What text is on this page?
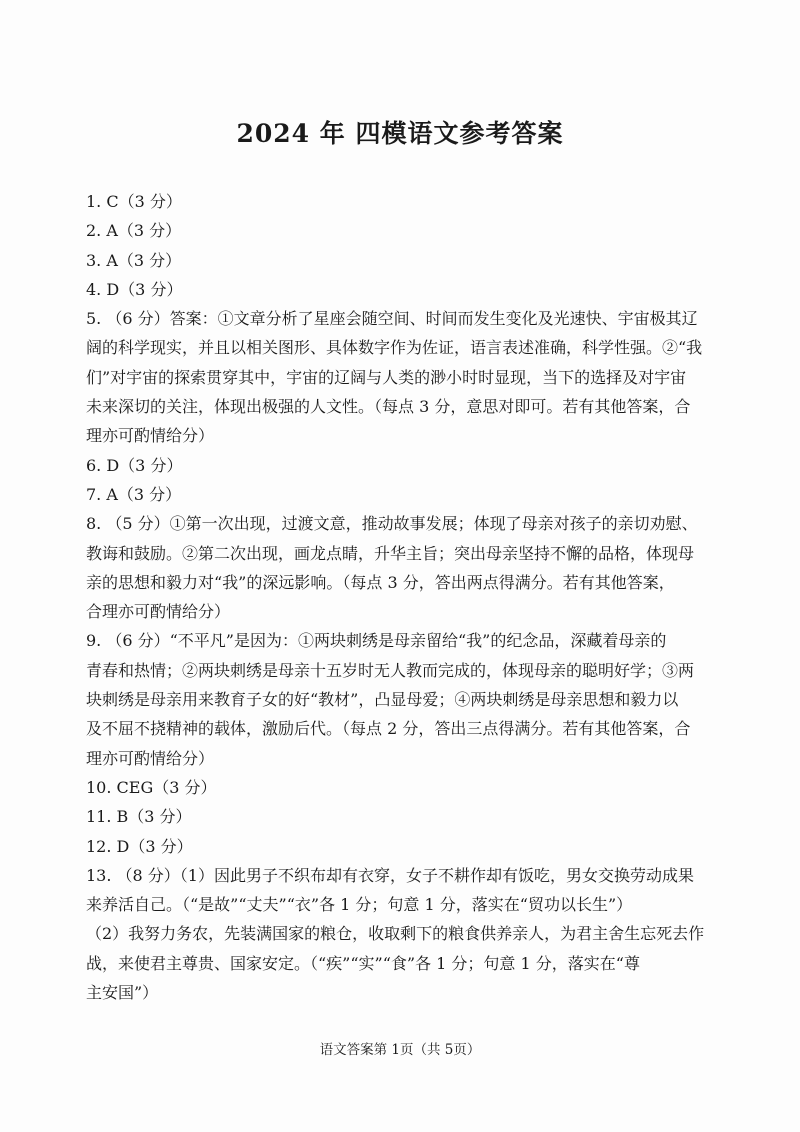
2024 年 四模语文参考答案
1. C（3 分）
2. A（3 分）
3. A（3 分）
4. D（3 分）
5. （6 分）答案：①文章分析了星座会随空间、时间而发生变化及光速快、宇宙极其辽
阔的科学现实，并且以相关图形、具体数字作为佐证，语言表述准确，科学性强。②“我
们”对宇宙的探索贯穿其中，宇宙的辽阔与人类的渺小时时显现，当下的选择及对宇宙
未来深切的关注，体现出极强的人文性。（每点 3 分，意思对即可。若有其他答案，合
理亦可酌情给分）
6. D（3 分）
7. A（3 分）
8. （5 分）①第一次出现，过渡文意，推动故事发展；体现了母亲对孩子的亲切劝慰、
教诲和鼓励。②第二次出现，画龙点睛，升华主旨；突出母亲坚持不懈的品格，体现母
亲的思想和毅力对“我”的深远影响。（每点 3 分，答出两点得满分。若有其他答案，
合理亦可酌情给分）
9. （6 分）“不平凡”是因为：①两块刺绣是母亲留给“我”的纪念品，深藏着母亲的
青春和热情；②两块刺绣是母亲十五岁时无人教而完成的，体现母亲的聪明好学；③两
块刺绣是母亲用来教育子女的好“教材”，凸显母爱；④两块刺绣是母亲思想和毅力以
及不屈不挠精神的载体，激励后代。（每点 2 分，答出三点得满分。若有其他答案，合
理亦可酌情给分）
10. CEG（3 分）
11. B（3 分）
12. D（3 分）
13. （8 分）（1）因此男子不织布却有衣穿，女子不耕作却有饭吃，男女交换劳动成果
来养活自己。（“是故”“丈夫”“衣”各 1 分；句意 1 分，落实在“贸功以长生”）
（2）我努力务农，先装满国家的粮仓，收取剩下的粮食供养亲人，为君主舍生忘死去作
战，来使君主尊贵、国家安定。（“疾”“实”“食”各 1 分；句意 1 分，落实在“尊
主安国”）
语文答案第 1页（共 5页）
